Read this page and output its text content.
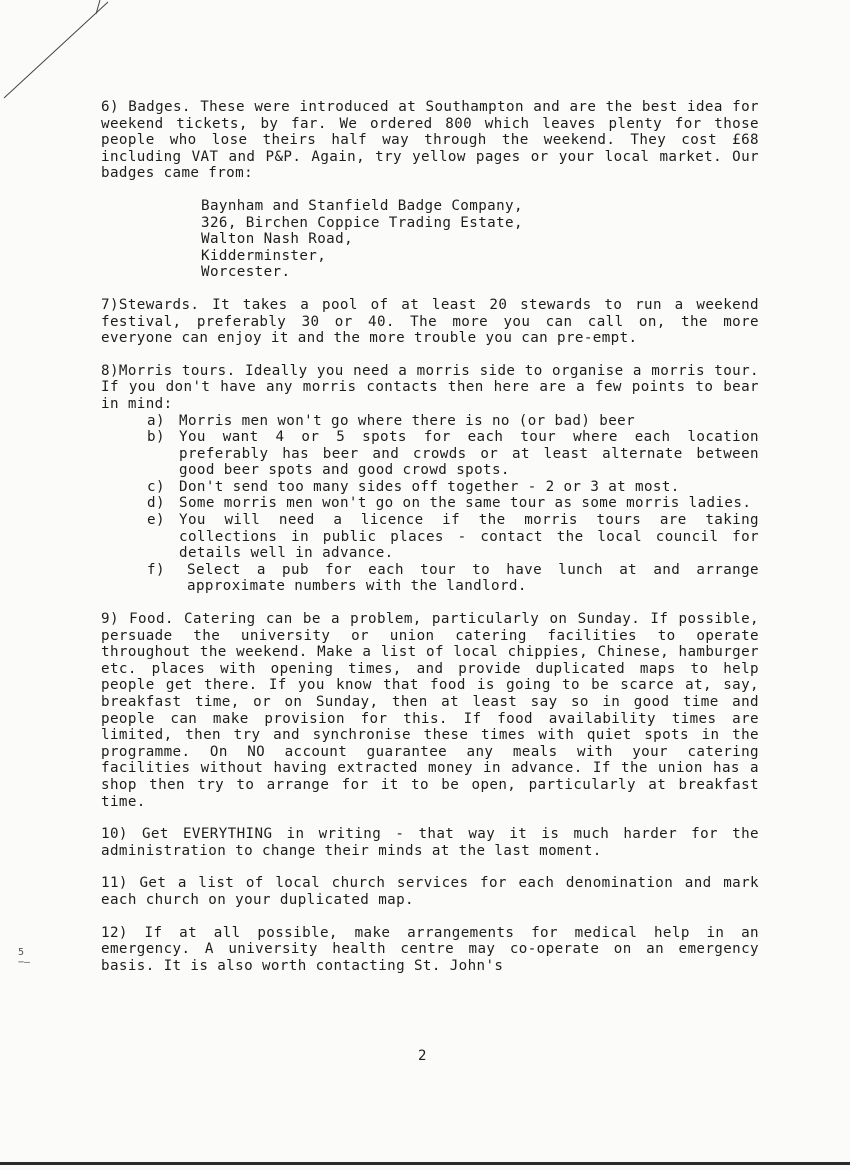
6) Badges. These were introduced at Southampton and are the best idea for weekend tickets, by far. We ordered 800 which leaves plenty for those people who lose theirs half way through the weekend. They cost £68 including VAT and P&P. Again, try yellow pages or your local market. Our badges came from:
Baynham and Stanfield Badge Company,
326, Birchen Coppice Trading Estate,
Walton Nash Road,
Kidderminster,
Worcester.
7)Stewards. It takes a pool of at least 20 stewards to run a weekend festival, preferably 30 or 40. The more you can call on, the more everyone can enjoy it and the more trouble you can pre-empt.
8)Morris tours. Ideally you need a morris side to organise a morris tour. If you don't have any morris contacts then here are a few points to bear in mind:
a) Morris men won't go where there is no (or bad) beer
b) You want 4 or 5 spots for each tour where each location preferably has beer and crowds or at least alternate between good beer spots and good crowd spots.
c) Don't send too many sides off together - 2 or 3 at most.
d) Some morris men won't go on the same tour as some morris ladies.
e) You will need a licence if the morris tours are taking collections in public places - contact the local council for details well in advance.
f)	Select a pub for each tour to have lunch at and arrange approximate numbers with the landlord.
9) Food. Catering can be a problem, particularly on Sunday. If possible, persuade the university or union catering facilities to operate throughout the weekend. Make a list of local chippies, Chinese, hamburger etc. places with opening times, and provide duplicated maps to help people get there. If you know that food is going to be scarce at, say, breakfast time, or on Sunday, then at least say so in good time and people can make provision for this. If food availability times are limited, then try and synchronise these times with quiet spots in the programme. On NO account guarantee any meals with your catering facilities without having extracted money in advance. If the union has a shop then try to arrange for it to be open, particularly at breakfast time.
10) Get EVERYTHING in writing - that way it is much harder for the administration to change their minds at the last moment.
11) Get a list of local church services for each denomination and mark each church on your duplicated map.
12) If at all possible, make arrangements for medical help in an emergency. A university health centre may co-operate on an emergency basis. It is also worth contacting St. John's
5
−–
2
